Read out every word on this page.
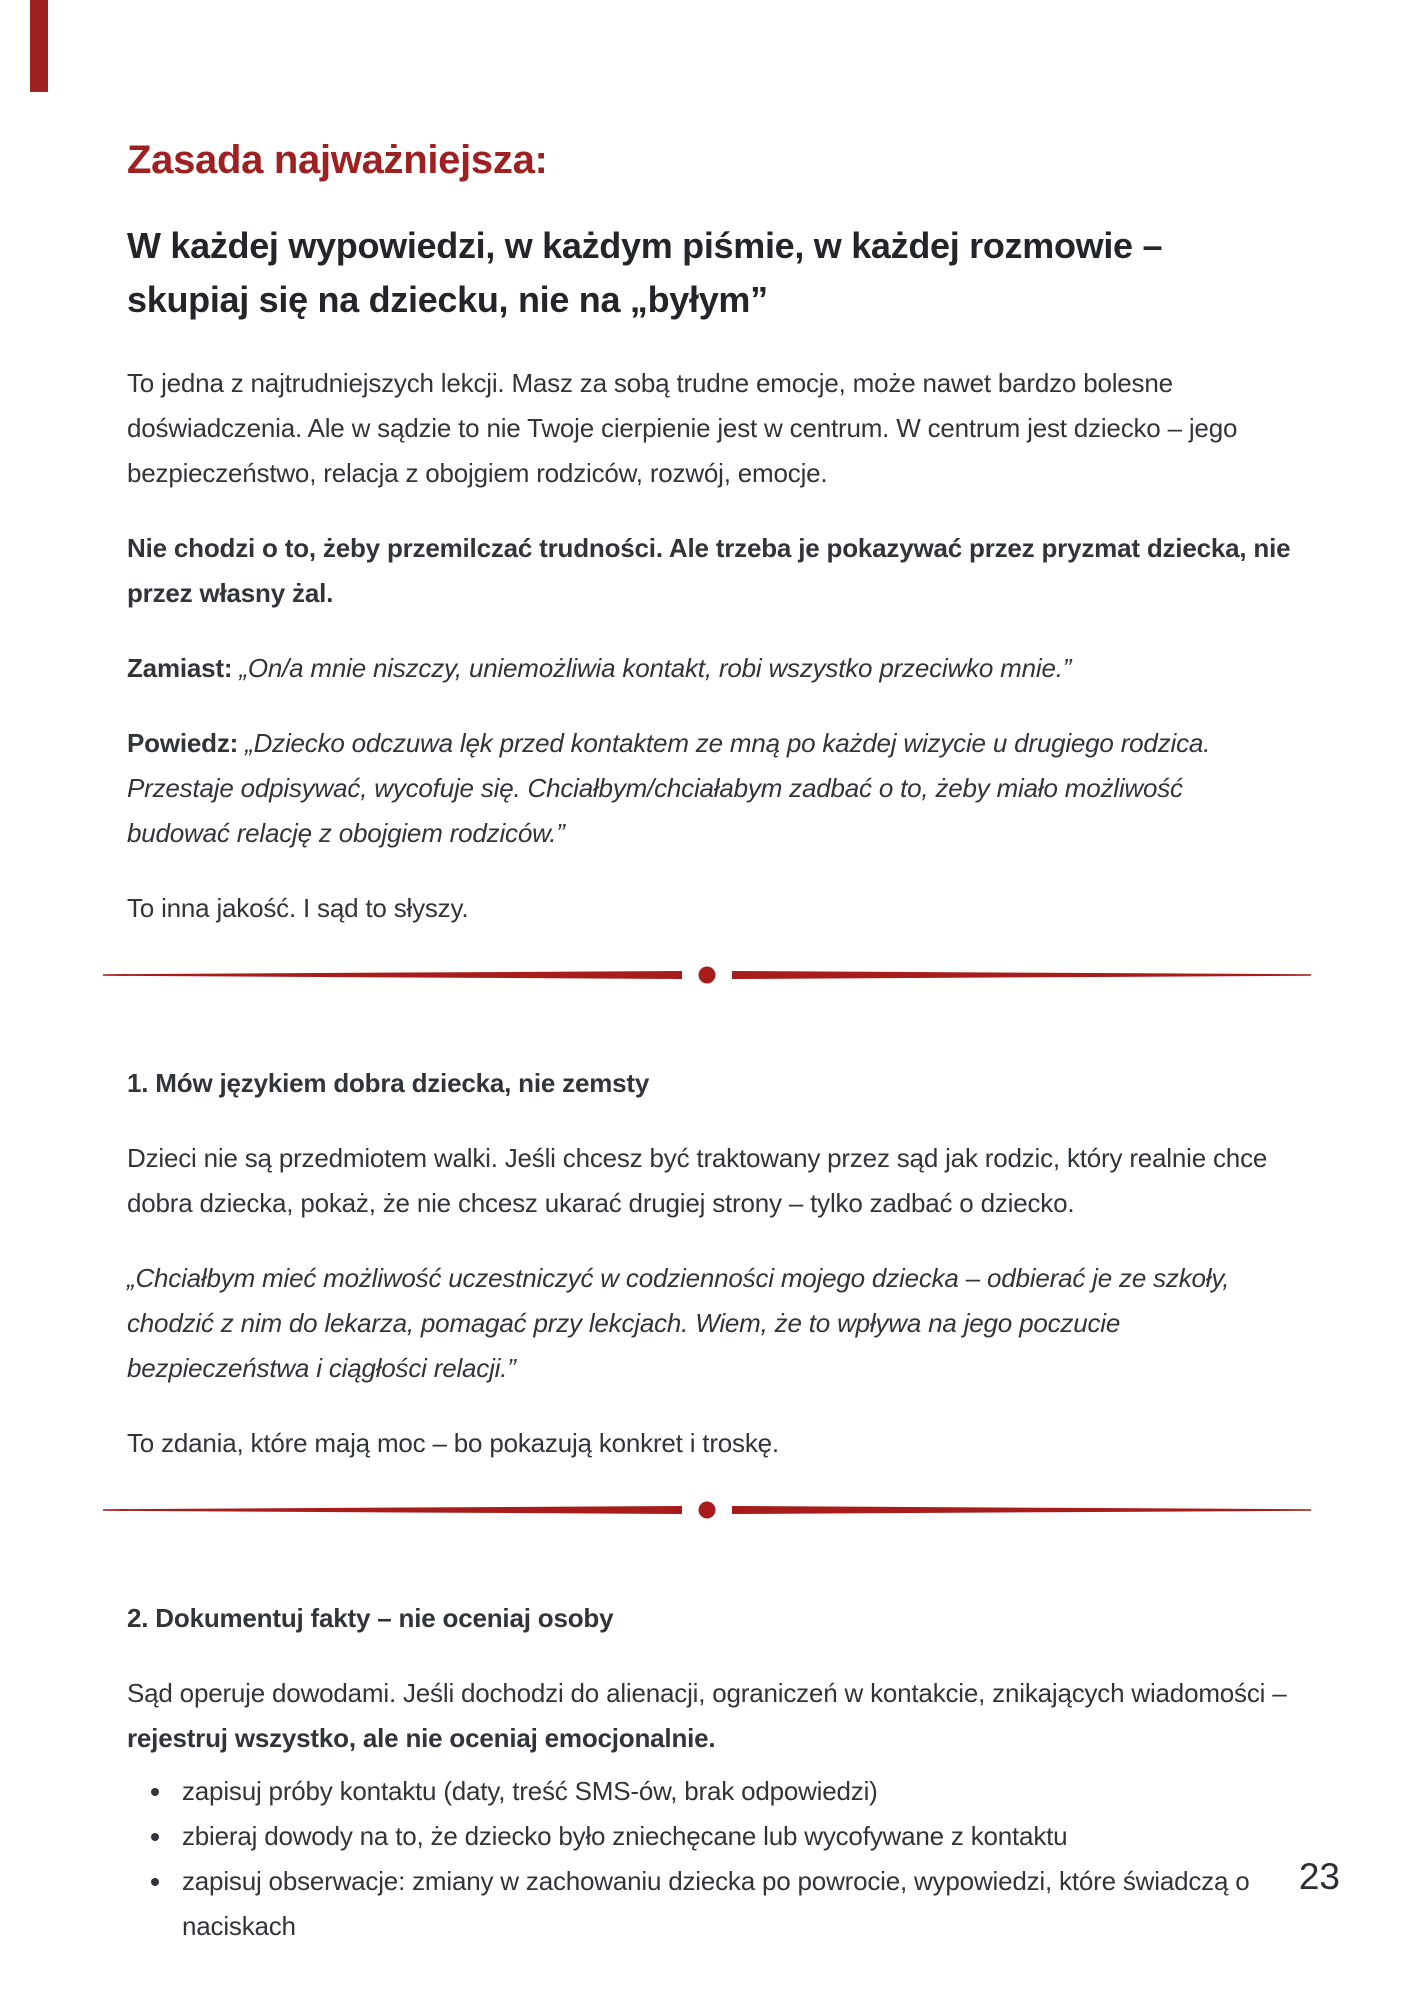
Zasada najważniejsza:
W każdej wypowiedzi, w każdym piśmie, w każdej rozmowie –
skupiaj się na dziecku, nie na „byłym”

To jedna z najtrudniejszych lekcji. Masz za sobą trudne emocje, może nawet bardzo bolesne doświadczenia. Ale w sądzie to nie Twoje cierpienie jest w centrum. W centrum jest dziecko – jego bezpieczeństwo, relacja z obojgiem rodziców, rozwój, emocje.

Nie chodzi o to, żeby przemilczać trudności. Ale trzeba je pokazywać przez pryzmat dziecka, nie przez własny żal.

Zamiast: „On/a mnie niszczy, uniemożliwia kontakt, robi wszystko przeciwko mnie.”

Powiedz: „Dziecko odczuwa lęk przed kontaktem ze mną po każdej wizycie u drugiego rodzica. Przestaje odpisywać, wycofuje się. Chciałbym/chciałabym zadbać o to, żeby miało możliwość budować relację z obojgiem rodziców.”

To inna jakość. I sąd to słyszy.

1. Mów językiem dobra dziecka, nie zemsty

Dzieci nie są przedmiotem walki. Jeśli chcesz być traktowany przez sąd jak rodzic, który realnie chce dobra dziecka, pokaż, że nie chcesz ukarać drugiej strony – tylko zadbać o dziecko.

„Chciałbym mieć możliwość uczestniczyć w codzienności mojego dziecka – odbierać je ze szkoły, chodzić z nim do lekarza, pomagać przy lekcjach. Wiem, że to wpływa na jego poczucie bezpieczeństwa i ciągłości relacji.”

To zdania, które mają moc – bo pokazują konkret i troskę.

2. Dokumentuj fakty – nie oceniaj osoby

Sąd operuje dowodami. Jeśli dochodzi do alienacji, ograniczeń w kontakcie, znikających wiadomości – rejestruj wszystko, ale nie oceniaj emocjonalnie.

• zapisuj próby kontaktu (daty, treść SMS-ów, brak odpowiedzi)
• zbieraj dowody na to, że dziecko było zniechęcane lub wycofywane z kontaktu
• zapisuj obserwacje: zmiany w zachowaniu dziecka po powrocie, wypowiedzi, które świadczą o naciskach
23
